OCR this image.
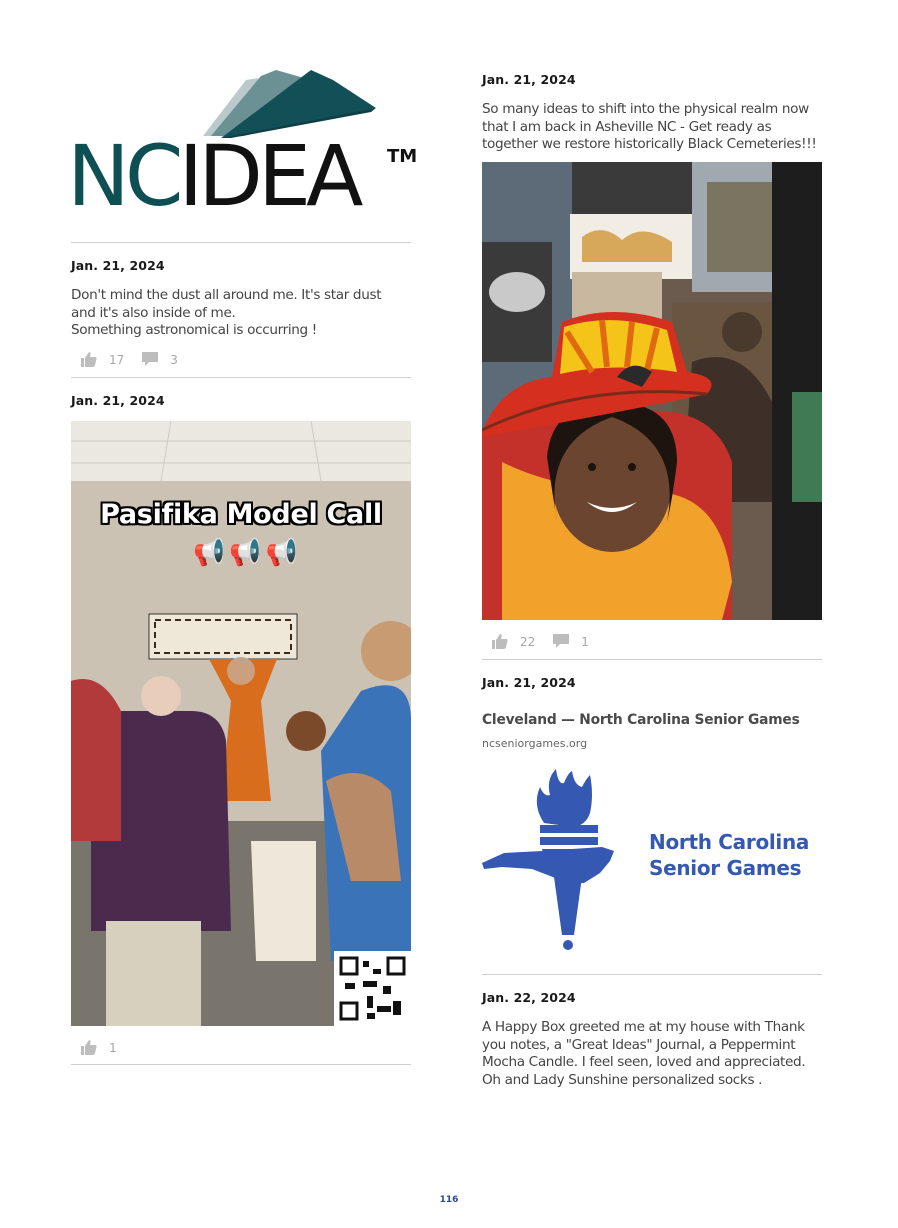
NCIDEA TM
Jan. 21, 2024
Don't mind the dust all around me. It's star dust
and it's also inside of me.
Something astronomical is occurring !
17	3
Jan. 21, 2024
Pasifika Model Call
📢📢📢
1
Jan. 21, 2024
So many ideas to shift into the physical realm now
that I am back in Asheville NC - Get ready as
together we restore historically Black Cemeteries!!!
22	1
Jan. 21, 2024
Cleveland — North Carolina Senior Games
ncseniorgames.org
North Carolina
Senior Games
Jan. 22, 2024
A Happy Box greeted me at my house with Thank
you notes, a "Great Ideas" Journal, a Peppermint
Mocha Candle. I feel seen, loved and appreciated.
Oh and Lady Sunshine personalized socks .
116
